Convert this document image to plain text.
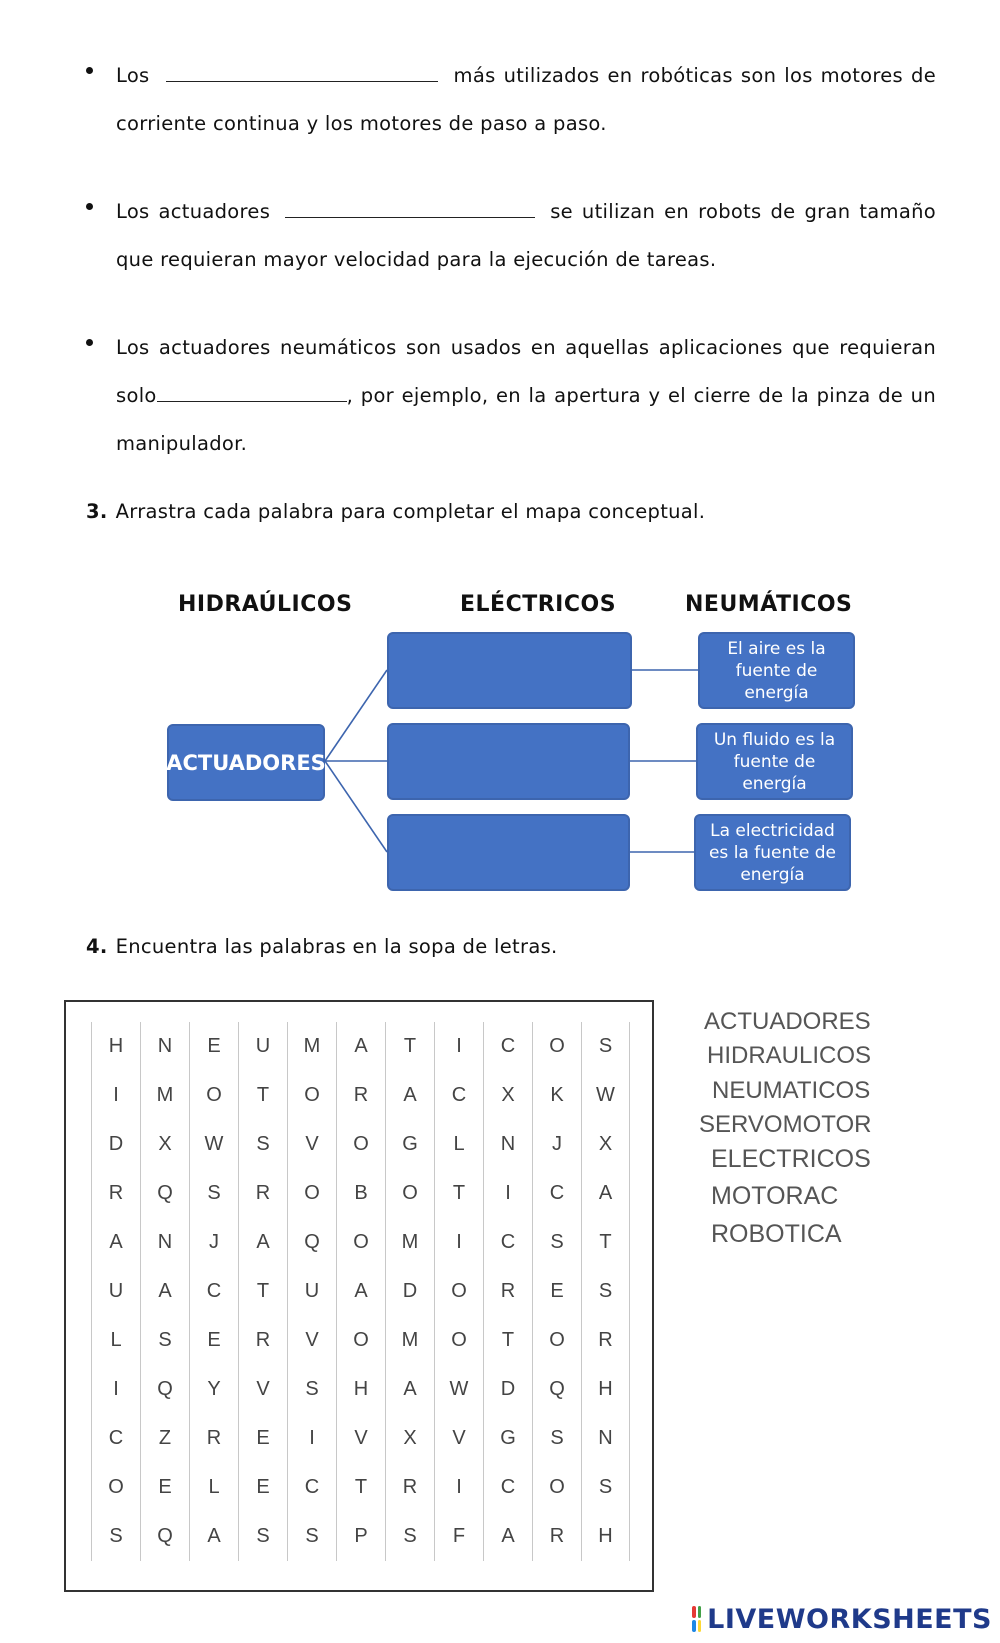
Los	más utilizados en robóticas son los motores de corriente continua y los motores de paso a paso.
Los actuadores	se utilizan en robots de gran tamaño que requieran mayor velocidad para la ejecución de tareas.
Los actuadores neumáticos son usados en aquellas aplicaciones que requieran solo	, por ejemplo, en la apertura y el cierre de la pinza de un manipulador.
3. Arrastra cada palabra para completar el mapa conceptual.
HIDRAÚLICOS	ELÉCTRICOS	NEUMÁTICOS
ACTUADORES
El aire es la fuente de energía
Un fluido es la fuente de energía
La electricidad es la fuente de energía
4. Encuentra las palabras en la sopa de letras.
H	N	E	U	M	A	T	I	C	O	S
I	M	O	T	O	R	A	C	X	K	W
D	X	W	S	V	O	G	L	N	J	X
R	Q	S	R	O	B	O	T	I	C	A
A	N	J	A	Q	O	M	I	C	S	T
U	A	C	T	U	A	D	O	R	E	S
L	S	E	R	V	O	M	O	T	O	R
I	Q	Y	V	S	H	A	W	D	Q	H
C	Z	R	E	I	V	X	V	G	S	N
O	E	L	E	C	T	R	I	C	O	S
S	Q	A	S	S	P	S	F	A	R	H
ACTUADORES
HIDRAULICOS
NEUMATICOS
SERVOMOTOR
ELECTRICOS
MOTORAC
ROBOTICA
LIVEWORKSHEETS
